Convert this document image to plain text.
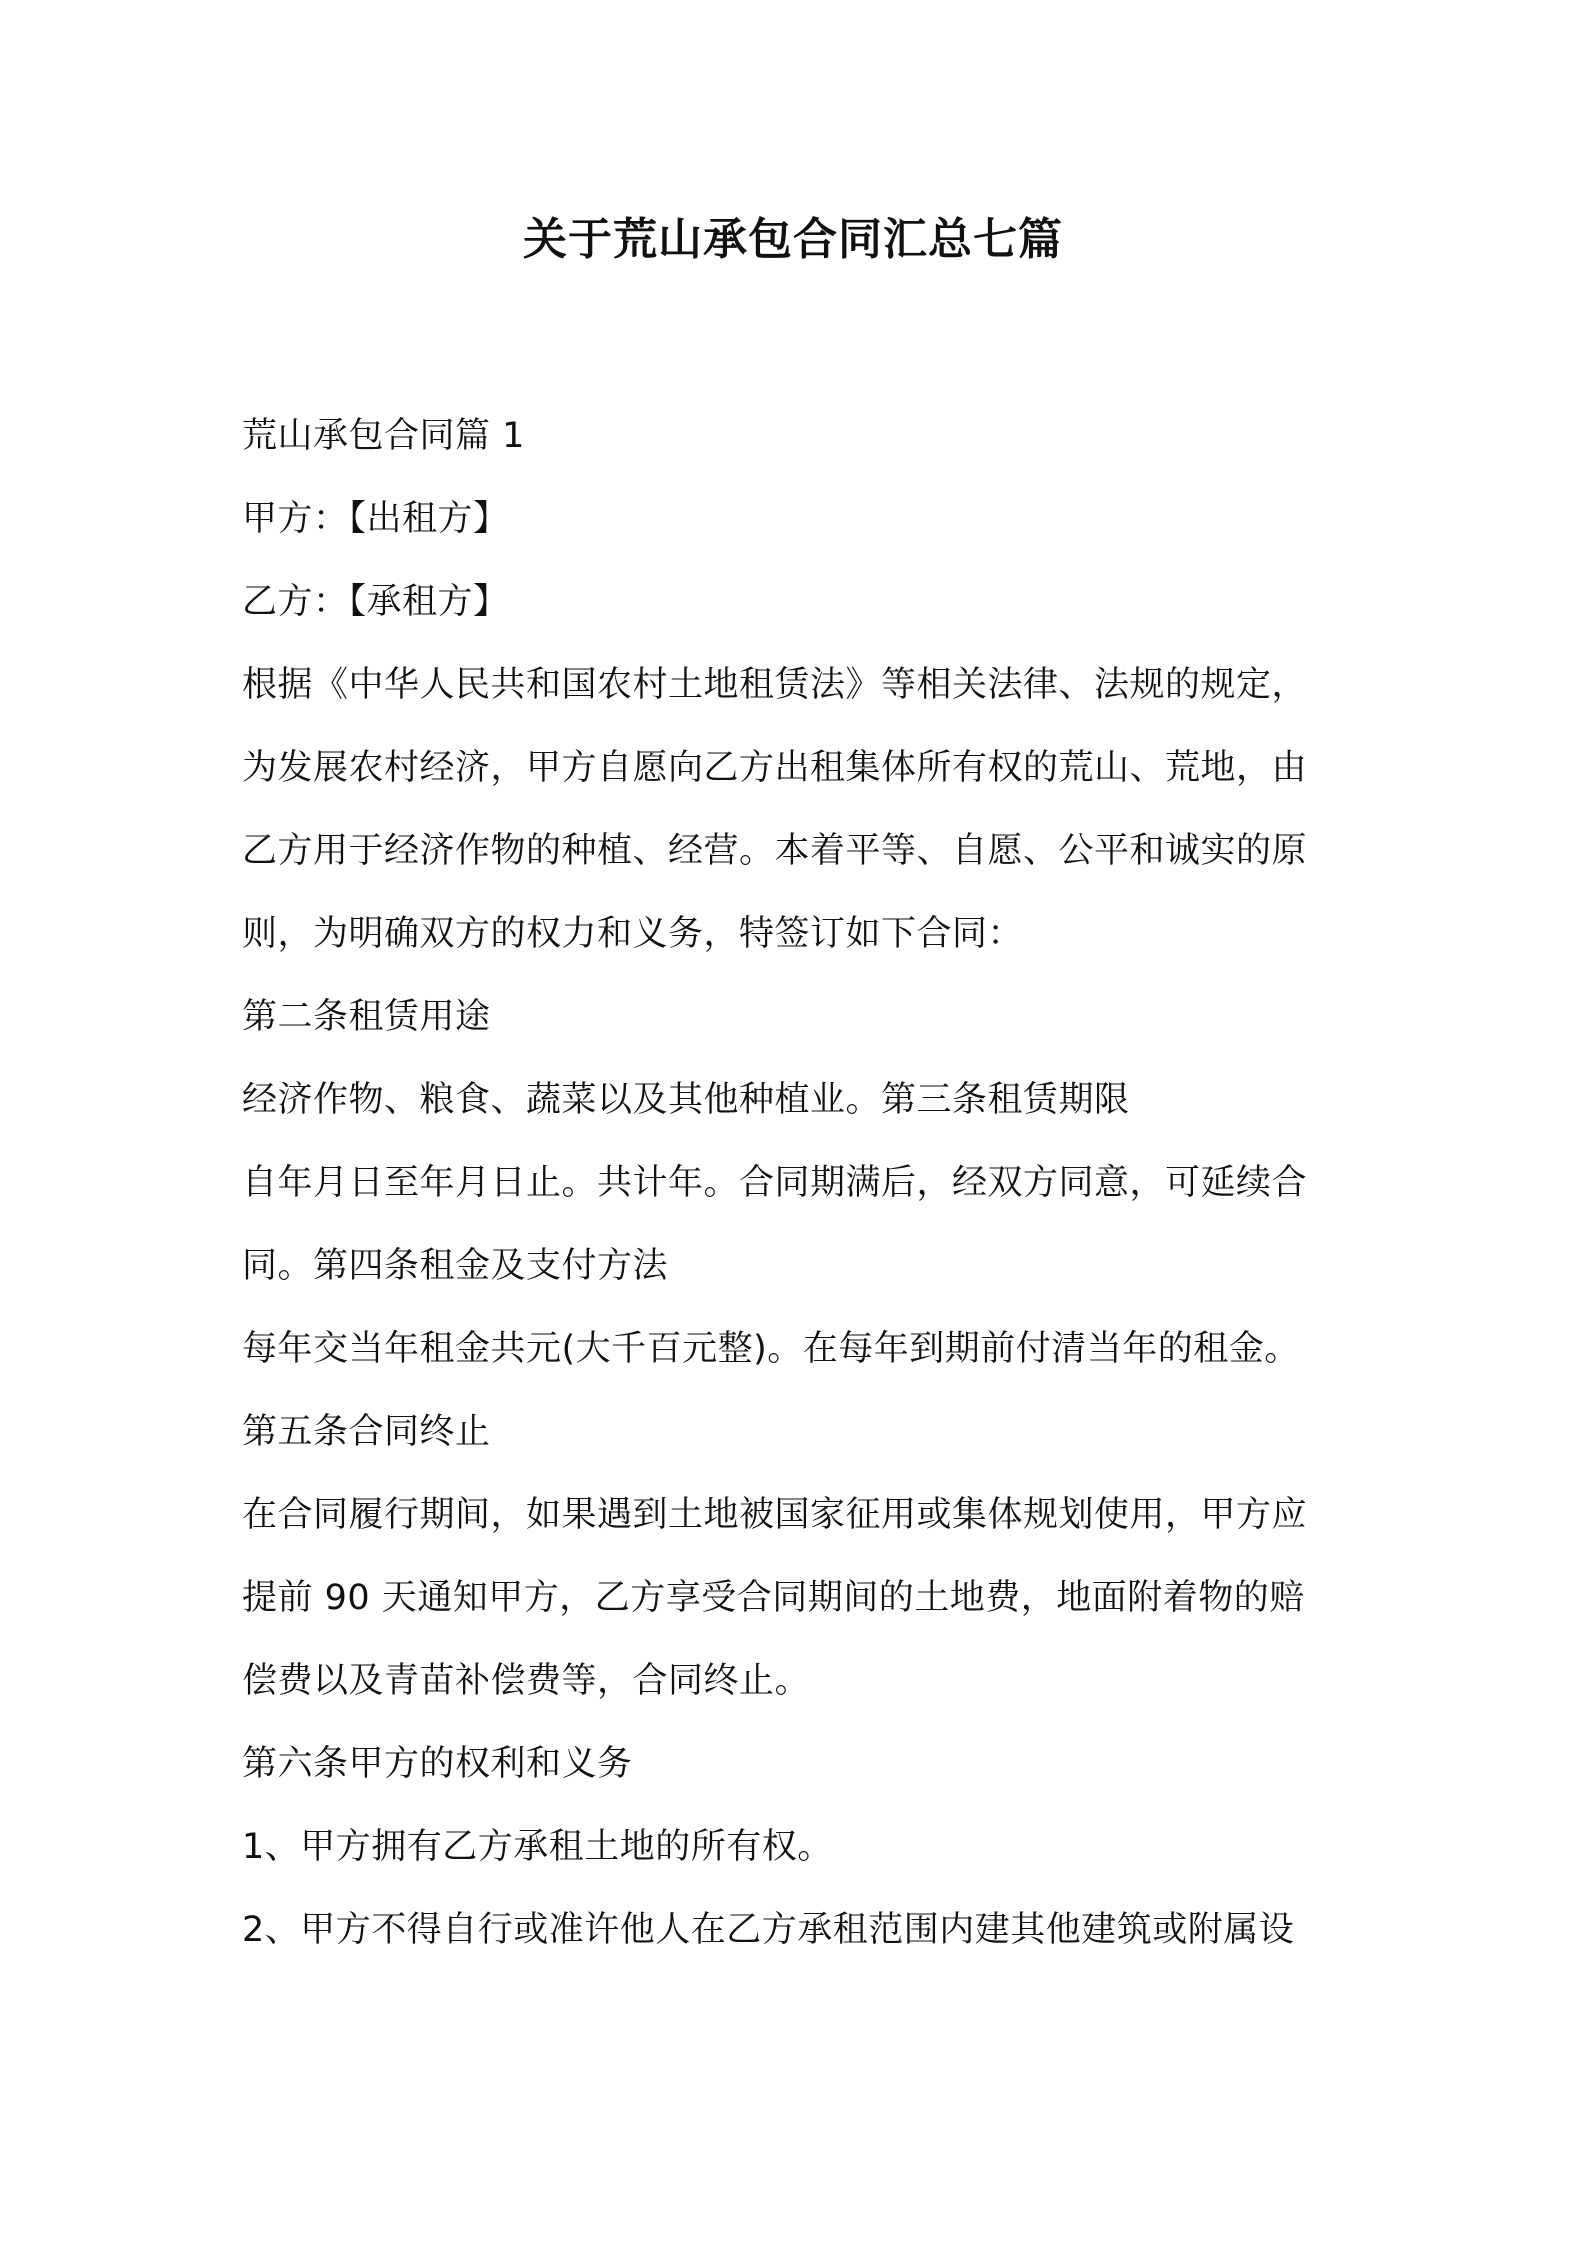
关于荒山承包合同汇总七篇
荒山承包合同篇 1
甲方：【出租方】
乙方：【承租方】
根据《中华人民共和国农村土地租赁法》等相关法律、法规的规定，
为发展农村经济，甲方自愿向乙方出租集体所有权的荒山、荒地，由
乙方用于经济作物的种植、经营。本着平等、自愿、公平和诚实的原
则，为明确双方的权力和义务，特签订如下合同：
第二条租赁用途
经济作物、粮食、蔬菜以及其他种植业。第三条租赁期限
自年月日至年月日止。共计年。合同期满后，经双方同意，可延续合
同。第四条租金及支付方法
每年交当年租金共元(大千百元整)。在每年到期前付清当年的租金。
第五条合同终止
在合同履行期间，如果遇到土地被国家征用或集体规划使用，甲方应
提前 90 天通知甲方，乙方享受合同期间的土地费，地面附着物的赔
偿费以及青苗补偿费等，合同终止。
第六条甲方的权利和义务
1、甲方拥有乙方承租土地的所有权。
2、甲方不得自行或准许他人在乙方承租范围内建其他建筑或附属设
